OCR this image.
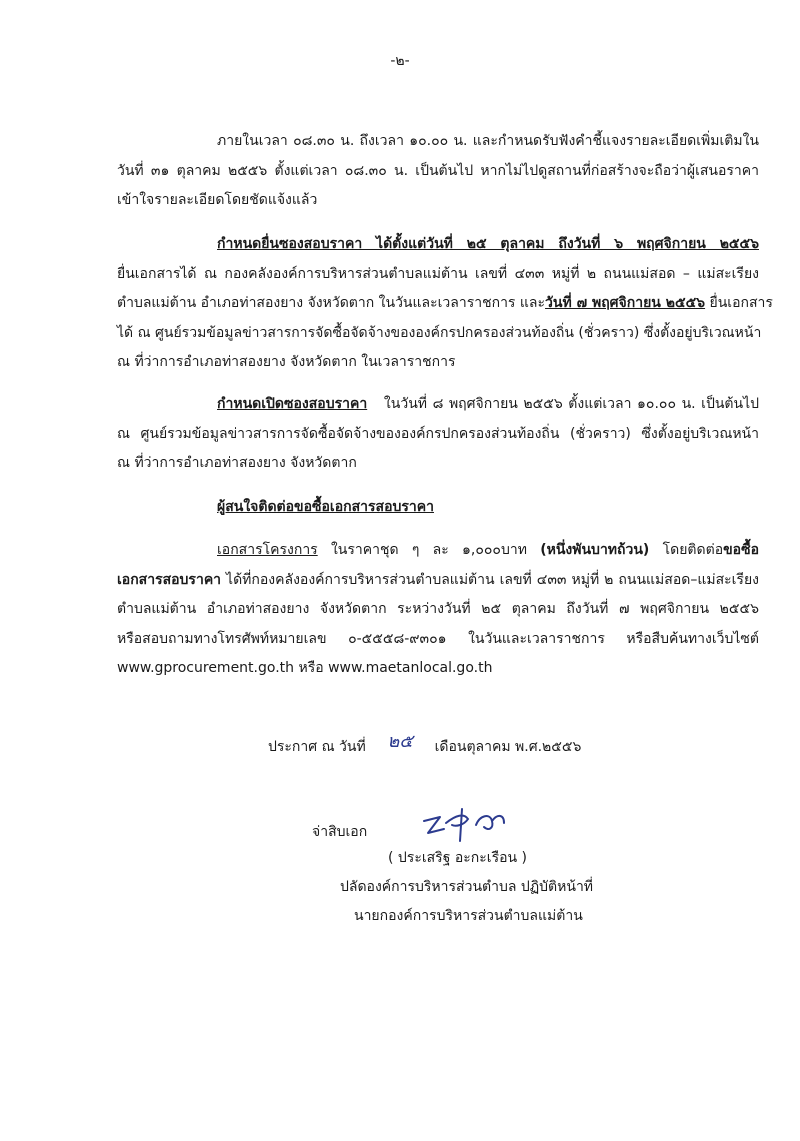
-๒-
ภายในเวลา ๐๘.๓๐ น. ถึงเวลา ๑๐.๐๐ น. และกำหนดรับฟังคำชี้แจงรายละเอียดเพิ่มเติมใน
วันที่ ๓๑ ตุลาคม ๒๕๕๖ ตั้งแต่เวลา ๐๘.๓๐ น. เป็นต้นไป หากไม่ไปดูสถานที่ก่อสร้างจะถือว่าผู้เสนอราคา
เข้าใจรายละเอียดโดยชัดแจ้งแล้ว
กำหนดยื่นซองสอบราคา ได้ตั้งแต่วันที่ ๒๕ ตุลาคม ถึงวันที่ ๖ พฤศจิกายน ๒๕๕๖
ยื่นเอกสารได้ ณ กองคลังองค์การบริหารส่วนตำบลแม่ต้าน เลขที่ ๔๓๓ หมู่ที่ ๒ ถนนแม่สอด – แม่สะเรียง
ตำบลแม่ต้าน อำเภอท่าสองยาง จังหวัดตาก ในวันและเวลาราชการ และวันที่ ๗ พฤศจิกายน ๒๕๕๖ ยื่นเอกสาร
ได้ ณ ศูนย์รวมข้อมูลข่าวสารการจัดซื้อจัดจ้างขององค์กรปกครองส่วนท้องถิ่น (ชั่วคราว) ซึ่งตั้งอยู่บริเวณหน้า
ณ ที่ว่าการอำเภอท่าสองยาง จังหวัดตาก ในเวลาราชการ
กำหนดเปิดซองสอบราคา ในวันที่ ๘ พฤศจิกายน ๒๕๕๖ ตั้งแต่เวลา ๑๐.๐๐ น. เป็นต้นไป
ณ ศูนย์รวมข้อมูลข่าวสารการจัดซื้อจัดจ้างขององค์กรปกครองส่วนท้องถิ่น (ชั่วคราว) ซึ่งตั้งอยู่บริเวณหน้า
ณ ที่ว่าการอำเภอท่าสองยาง จังหวัดตาก
ผู้สนใจติดต่อขอซื้อเอกสารสอบราคา
เอกสารโครงการ ในราคาชุด ๆ ละ ๑,๐๐๐บาท (หนึ่งพันบาทถ้วน) โดยติดต่อขอซื้อ
เอกสารสอบราคา ได้ที่กองคลังองค์การบริหารส่วนตำบลแม่ต้าน เลขที่ ๔๓๓ หมู่ที่ ๒ ถนนแม่สอด–แม่สะเรียง
ตำบลแม่ต้าน อำเภอท่าสองยาง จังหวัดตาก ระหว่างวันที่ ๒๕ ตุลาคม ถึงวันที่ ๗ พฤศจิกายน ๒๕๕๖
หรือสอบถามทางโทรศัพท์หมายเลข ๐-๕๕๕๘-๙๓๐๑ ในวันและเวลาราชการ หรือสืบค้นทางเว็บไซต์
www.gprocurement.go.th หรือ www.maetanlocal.go.th
ประกาศ ณ วันที่ ๒๕ เดือนตุลาคม พ.ศ.๒๕๕๖
จ่าสิบเอก
( ประเสริฐ อะกะเรือน )
ปลัดองค์การบริหารส่วนตำบล ปฏิบัติหน้าที่
นายกองค์การบริหารส่วนตำบลแม่ต้าน
